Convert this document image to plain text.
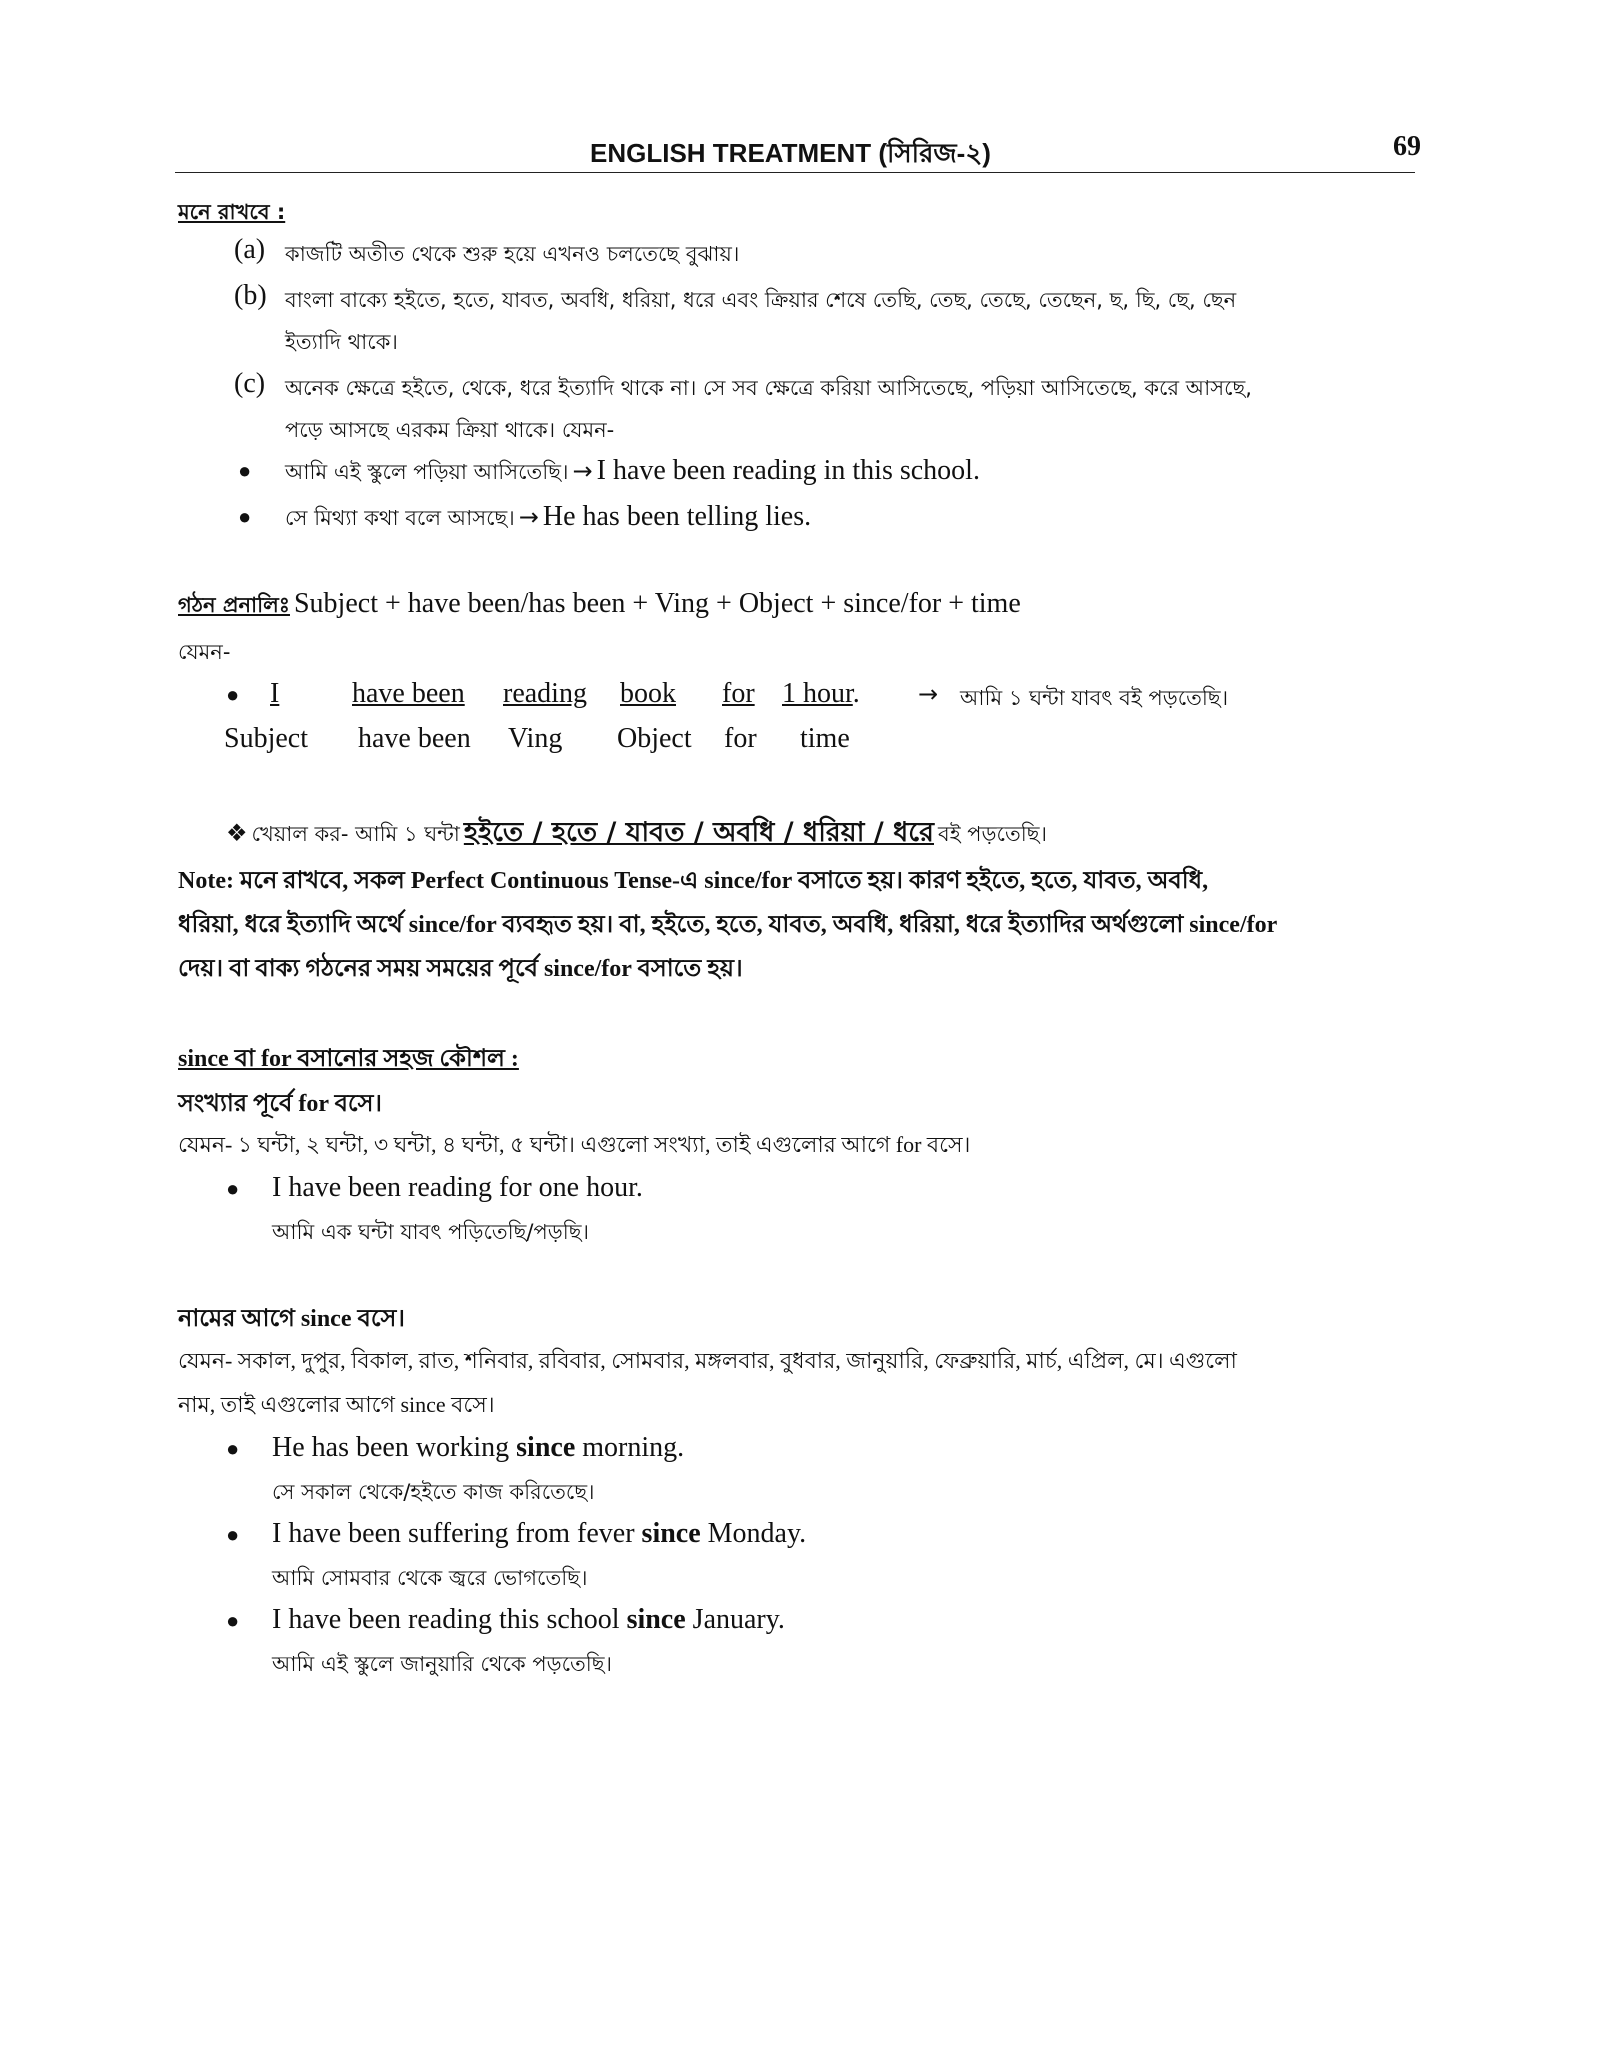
ENGLISH TREATMENT (সিরিজ-২)	69
মনে রাখবে :
(a) কাজটি অতীত থেকে শুরু হয়ে এখনও চলতেছে বুঝায়।
(b) বাংলা বাক্যে হইতে, হতে, যাবত, অবধি, ধরিয়া, ধরে এবং ক্রিয়ার শেষে তেছি, তেছ, তেছে, তেছেন, ছ, ছি, ছে, ছেন
ইত্যাদি থাকে।
(c) অনেক ক্ষেত্রে হইতে, থেকে, ধরে ইত্যাদি থাকে না। সে সব ক্ষেত্রে করিয়া আসিতেছে, পড়িয়া আসিতেছে, করে আসছে,
পড়ে আসছে এরকম ক্রিয়া থাকে। যেমন-
● আমি এই স্কুলে পড়িয়া আসিতেছি। → I have been reading in this school.
● সে মিথ্যা কথা বলে আসছে। → He has been telling lies.
গঠন প্রনালিঃ Subject + have been/has been + Ving + Object + since/for + time
যেমন-
● I	have been reading book for 1 hour. → আমি ১ ঘন্টা যাবৎ বই পড়তেছি।
Subject have been Ving Object for time
❖ খেয়াল কর- আমি ১ ঘন্টা হইতে / হতে / যাবত / অবধি / ধরিয়া / ধরে বই পড়তেছি।
Note: মনে রাখবে, সকল Perfect Continuous Tense-এ since/for বসাতে হয়। কারণ হইতে, হতে, যাবত, অবধি,
ধরিয়া, ধরে ইত্যাদি অর্থে since/for ব্যবহৃত হয়। বা, হইতে, হতে, যাবত, অবধি, ধরিয়া, ধরে ইত্যাদির অর্থগুলো since/for
দেয়। বা বাক্য গঠনের সময় সময়ের পূর্বে since/for বসাতে হয়।
since বা for বসানোর সহজ কৌশল :
সংখ্যার পূর্বে for বসে।
যেমন- ১ ঘন্টা, ২ ঘন্টা, ৩ ঘন্টা, ৪ ঘন্টা, ৫ ঘন্টা। এগুলো সংখ্যা, তাই এগুলোর আগে for বসে।
● I have been reading for one hour.
আমি এক ঘন্টা যাবৎ পড়িতেছি/পড়ছি।
নামের আগে since বসে।
যেমন- সকাল, দুপুর, বিকাল, রাত, শনিবার, রবিবার, সোমবার, মঙ্গলবার, বুধবার, জানুয়ারি, ফেব্রুয়ারি, মার্চ, এপ্রিল, মে। এগুলো
নাম, তাই এগুলোর আগে since বসে।
● He has been working since morning.
সে সকাল থেকে/হইতে কাজ করিতেছে।
● I have been suffering from fever since Monday.
আমি সোমবার থেকে জ্বরে ভোগতেছি।
● I have been reading this school since January.
আমি এই স্কুলে জানুয়ারি থেকে পড়তেছি।
